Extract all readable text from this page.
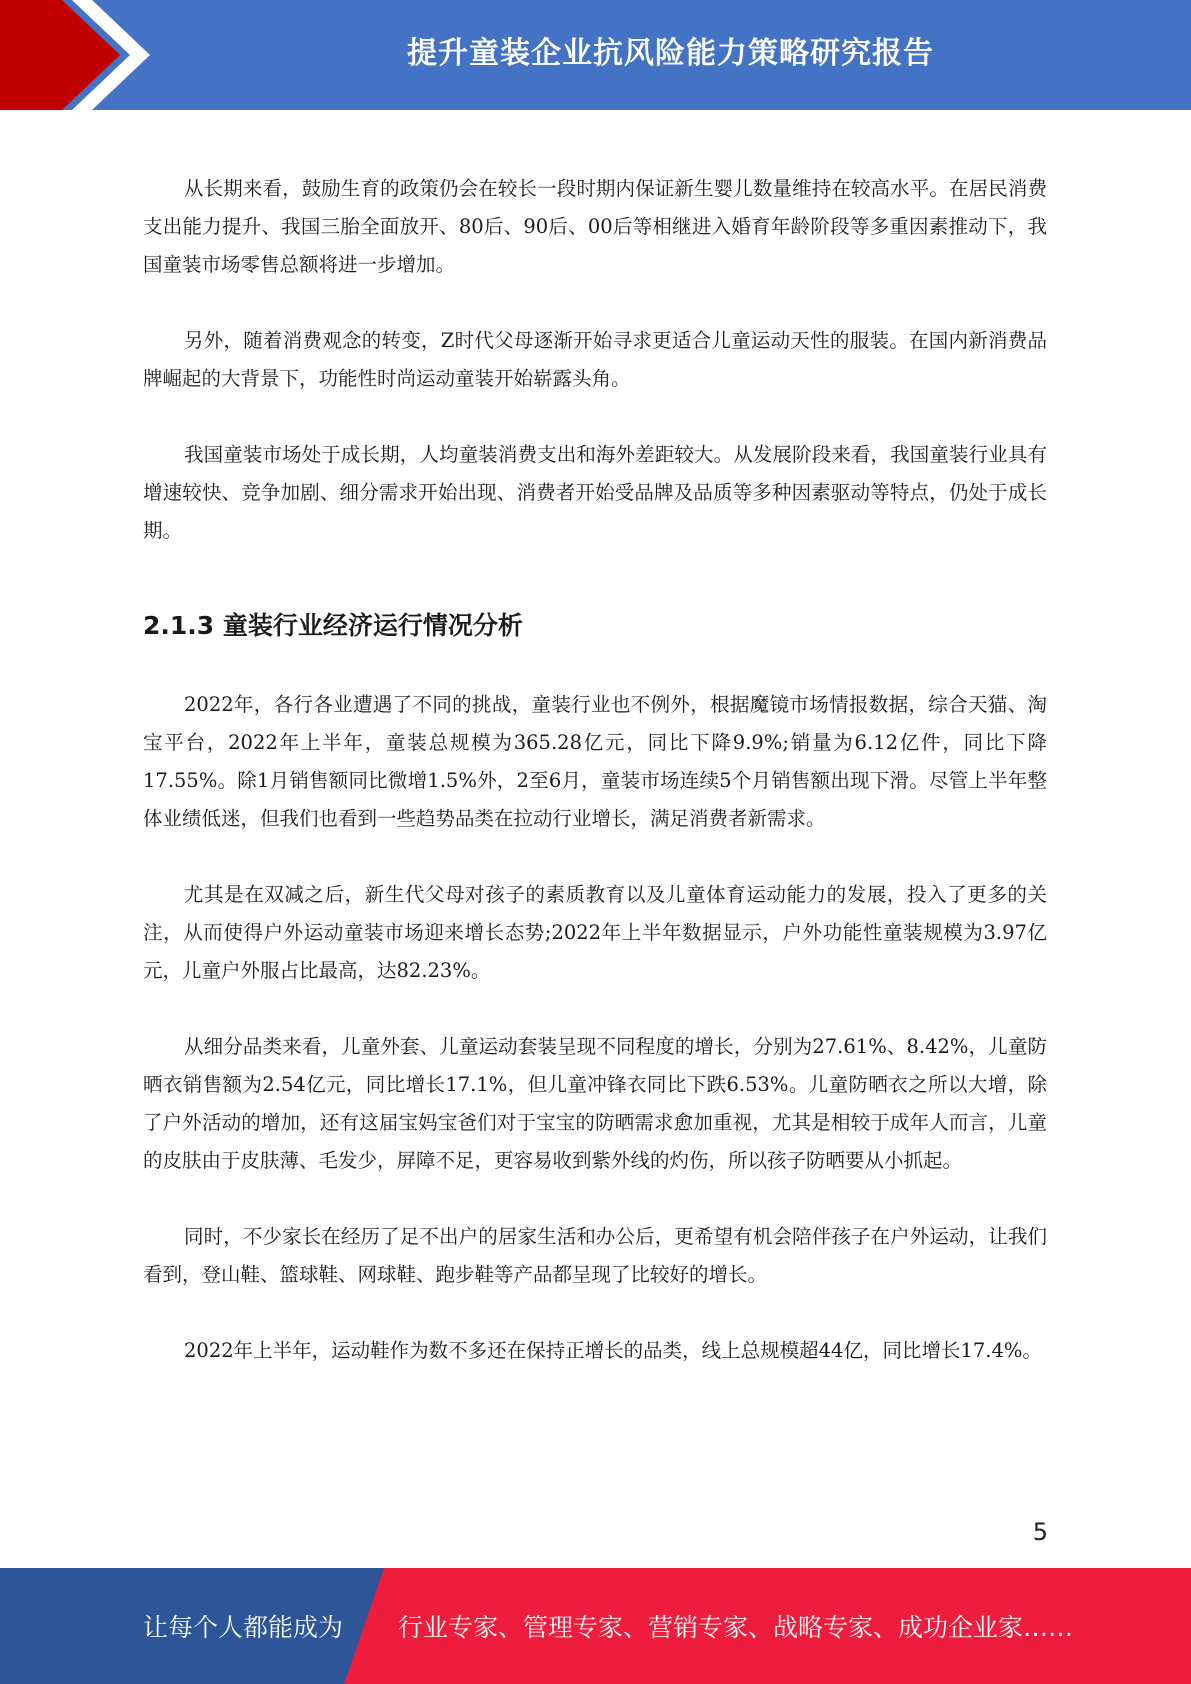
提升童装企业抗风险能力策略研究报告

从长期来看，鼓励生育的政策仍会在较长一段时期内保证新生婴儿数量维持在较高水平。在居民消费支出能力提升、我国三胎全面放开、80后、90后、00后等相继进入婚育年龄阶段等多重因素推动下，我国童装市场零售总额将进一步增加。

另外，随着消费观念的转变，Z时代父母逐渐开始寻求更适合儿童运动天性的服装。在国内新消费品牌崛起的大背景下，功能性时尚运动童装开始崭露头角。

我国童装市场处于成长期，人均童装消费支出和海外差距较大。从发展阶段来看，我国童装行业具有增速较快、竞争加剧、细分需求开始出现、消费者开始受品牌及品质等多种因素驱动等特点，仍处于成长期。

2.1.3 童装行业经济运行情况分析

2022年，各行各业遭遇了不同的挑战，童装行业也不例外，根据魔镜市场情报数据，综合天猫、淘宝平台，2022年上半年，童装总规模为365.28亿元，同比下降9.9%;销量为6.12亿件，同比下降17.55%。除1月销售额同比微增1.5%外，2至6月，童装市场连续5个月销售额出现下滑。尽管上半年整体业绩低迷，但我们也看到一些趋势品类在拉动行业增长，满足消费者新需求。

尤其是在双减之后，新生代父母对孩子的素质教育以及儿童体育运动能力的发展，投入了更多的关注，从而使得户外运动童装市场迎来增长态势;2022年上半年数据显示，户外功能性童装规模为3.97亿元，儿童户外服占比最高，达82.23%。

从细分品类来看，儿童外套、儿童运动套装呈现不同程度的增长，分别为27.61%、8.42%，儿童防晒衣销售额为2.54亿元，同比增长17.1%，但儿童冲锋衣同比下跌6.53%。儿童防晒衣之所以大增，除了户外活动的增加，还有这届宝妈宝爸们对于宝宝的防晒需求愈加重视，尤其是相较于成年人而言，儿童的皮肤由于皮肤薄、毛发少，屏障不足，更容易收到紫外线的灼伤，所以孩子防晒要从小抓起。

同时，不少家长在经历了足不出户的居家生活和办公后，更希望有机会陪伴孩子在户外运动，让我们看到，登山鞋、篮球鞋、网球鞋、跑步鞋等产品都呈现了比较好的增长。

2022年上半年，运动鞋作为数不多还在保持正增长的品类，线上总规模超44亿，同比增长17.4%。

5
让每个人都能成为 行业专家、管理专家、营销专家、战略专家、成功企业家……
